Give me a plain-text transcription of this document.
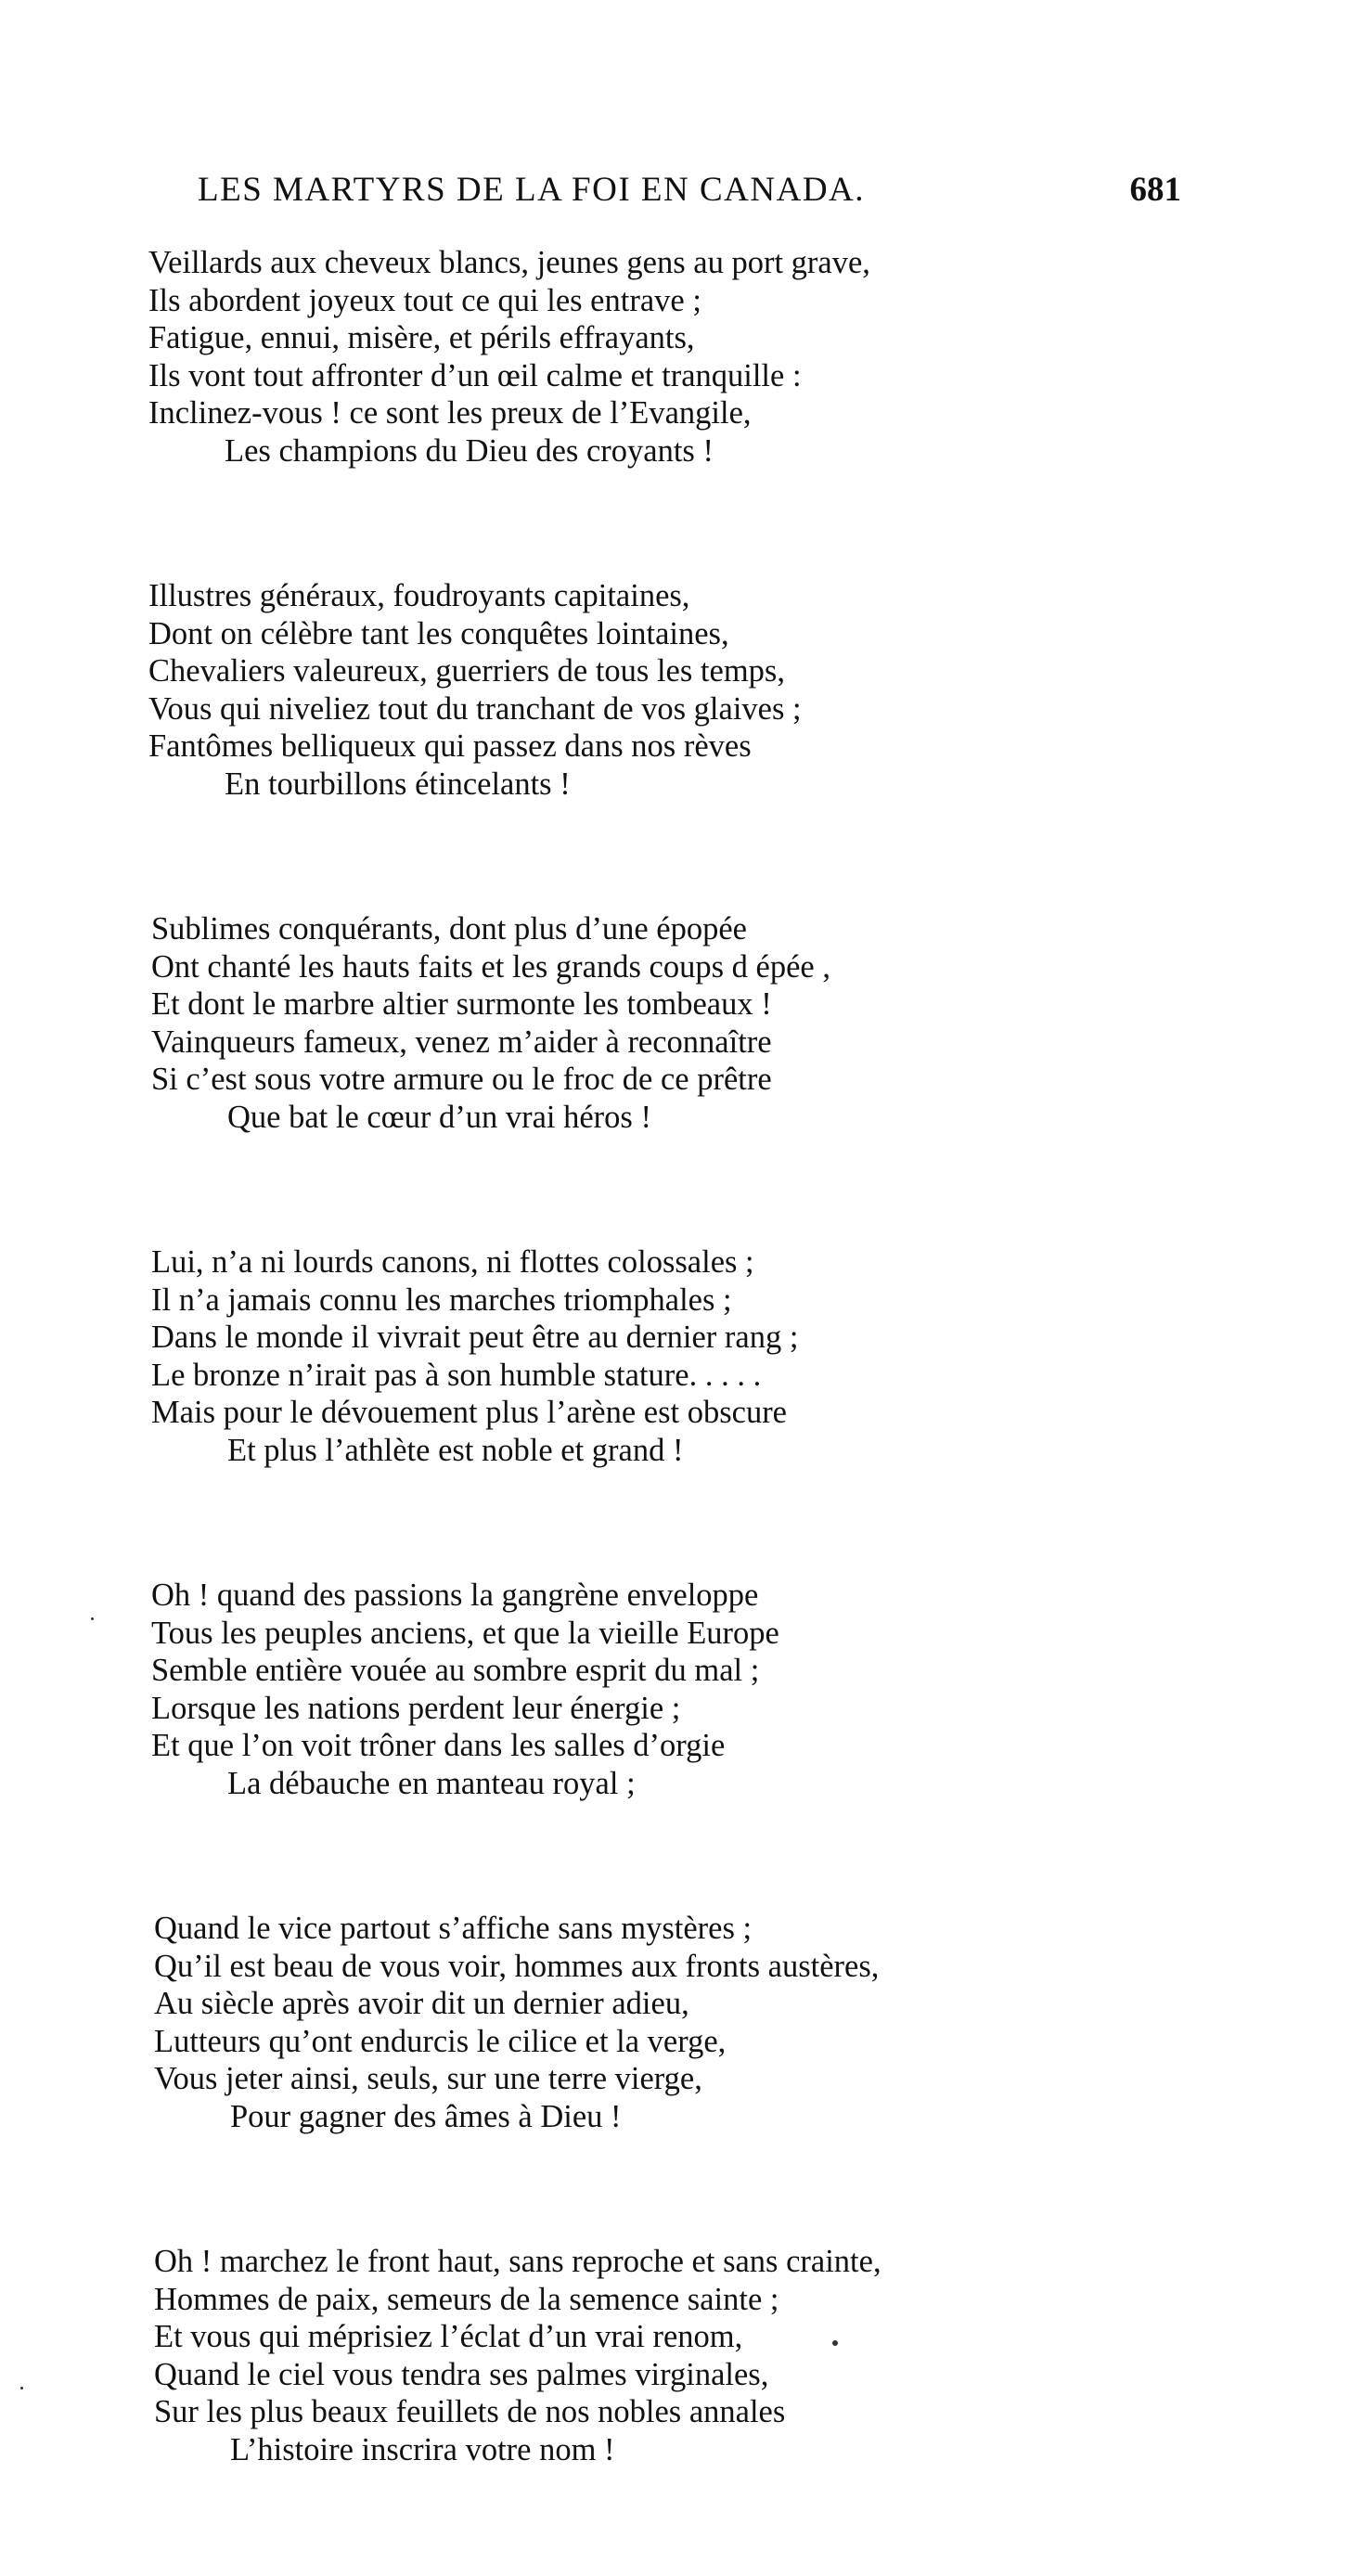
LES MARTYRS DE LA FOI EN CANADA.	681
Veillards aux cheveux blancs, jeunes gens au port grave,
Ils abordent joyeux tout ce qui les entrave ;
Fatigue, ennui, misère, et périls effrayants,
Ils vont tout affronter d’un œil calme et tranquille :
Inclinez-vous ! ce sont les preux de l’Evangile,
Les champions du Dieu des croyants !
Illustres généraux, foudroyants capitaines,
Dont on célèbre tant les conquêtes lointaines,
Chevaliers valeureux, guerriers de tous les temps,
Vous qui niveliez tout du tranchant de vos glaives ;
Fantômes belliqueux qui passez dans nos rèves
En tourbillons étincelants !
Sublimes conquérants, dont plus d’une épopée
Ont chanté les hauts faits et les grands coups d épée ,
Et dont le marbre altier surmonte les tombeaux !
Vainqueurs fameux, venez m’aider à reconnaître
Si c’est sous votre armure ou le froc de ce prêtre
Que bat le cœur d’un vrai héros !
Lui, n’a ni lourds canons, ni flottes colossales ;
Il n’a jamais connu les marches triomphales ;
Dans le monde il vivrait peut être au dernier rang ;
Le bronze n’irait pas à son humble stature. . . . .
Mais pour le dévouement plus l’arène est obscure
Et plus l’athlète est noble et grand !
Oh ! quand des passions la gangrène enveloppe
Tous les peuples anciens, et que la vieille Europe
Semble entière vouée au sombre esprit du mal ;
Lorsque les nations perdent leur énergie ;
Et que l’on voit trôner dans les salles d’orgie
La débauche en manteau royal ;
Quand le vice partout s’affiche sans mystères ;
Qu’il est beau de vous voir, hommes aux fronts austères,
Au siècle après avoir dit un dernier adieu,
Lutteurs qu’ont endurcis le cilice et la verge,
Vous jeter ainsi, seuls, sur une terre vierge,
Pour gagner des âmes à Dieu !
Oh ! marchez le front haut, sans reproche et sans crainte,
Hommes de paix, semeurs de la semence sainte ;
Et vous qui méprisiez l’éclat d’un vrai renom,
Quand le ciel vous tendra ses palmes virginales,
Sur les plus beaux feuillets de nos nobles annales
L’histoire inscrira votre nom !
